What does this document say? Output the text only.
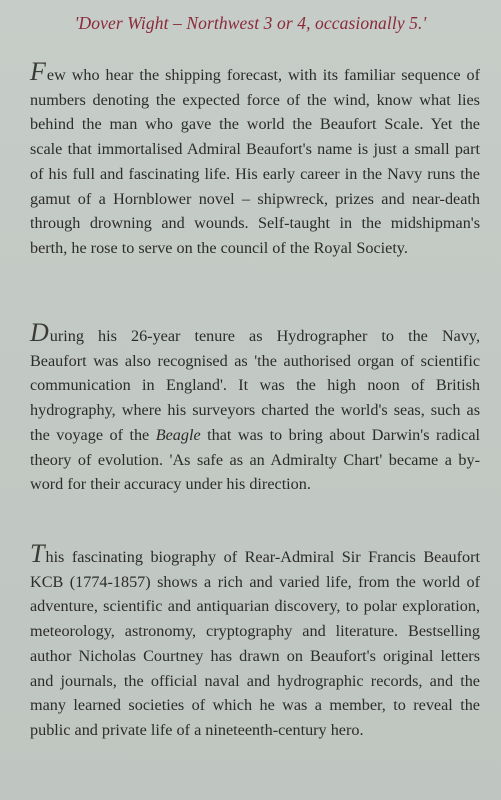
'Dover Wight – Northwest 3 or 4, occasionally 5.'
Few who hear the shipping forecast, with its familiar sequence of
numbers denoting the expected force of the wind, know what lies
behind the man who gave the world the Beaufort Scale. Yet the
scale that immortalised Admiral Beaufort's name is just a small part
of his full and fascinating life. His early career in the Navy runs the
gamut of a Hornblower novel – shipwreck, prizes and near-death
through drowning and wounds. Self-taught in the midshipman's
berth, he rose to serve on the council of the Royal Society.
During his 26-year tenure as Hydrographer to the Navy,
Beaufort was also recognised as 'the authorised organ of scientific
communication in England'. It was the high noon of British
hydrography, where his surveyors charted the world's seas, such as
the voyage of the Beagle that was to bring about Darwin's radical
theory of evolution. 'As safe as an Admiralty Chart' became a by-
word for their accuracy under his direction.
This fascinating biography of Rear-Admiral Sir Francis Beaufort
KCB (1774-1857) shows a rich and varied life, from the world of
adventure, scientific and antiquarian discovery, to polar exploration,
meteorology, astronomy, cryptography and literature. Bestselling
author Nicholas Courtney has drawn on Beaufort's original letters
and journals, the official naval and hydrographic records, and the
many learned societies of which he was a member, to reveal the
public and private life of a nineteenth-century hero.
